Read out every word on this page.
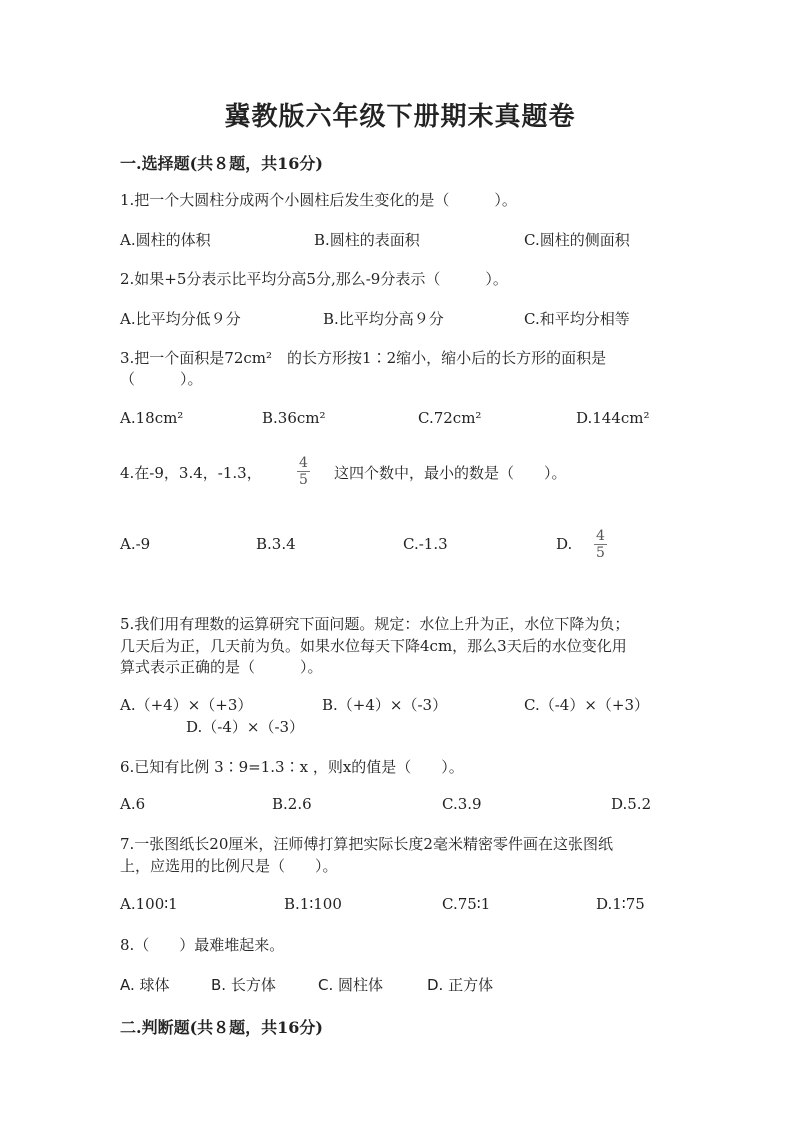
冀教版六年级下册期末真题卷
一.选择题(共８题，共16分)
1.把一个大圆柱分成两个小圆柱后发生变化的是（　　　）。
A.圆柱的体积	B.圆柱的表面积	C.圆柱的侧面积
2.如果+5分表示比平均分高5分,那么-9分表示（　　　）。
A.比平均分低９分	B.比平均分高９分	C.和平均分相等
3.把一个面积是72cm²　的长方形按1∶2缩小，缩小后的长方形的面积是
（　　　）。
A.18cm²	B.36cm²	C.72cm²	D.144cm²
4.在-9，3.4，-1.3，	$\frac{4}{5}$ 这四个数中，最小的数是（　　）。
A.-9	B.3.4	C.-1.3	D. $\frac{4}{5}$
5.我们用有理数的运算研究下面问题。规定：水位上升为正，水位下降为负；
几天后为正，几天前为负。如果水位每天下降4cm，那么3天后的水位变化用
算式表示正确的是（　　　）。
A.（+4）×（+3）	B.（+4）×（-3）	C.（-4）×（+3）
D.（-4）×（-3）
6.已知有比例 3∶9=1.3∶x ，则x的值是（　　）。
A.6	B.2.6	C.3.9	D.5.2
7.一张图纸长20厘米，汪师傅打算把实际长度2毫米精密零件画在这张图纸
上，应选用的比例尺是（　　）。
A.100∶1	B.1∶100	C.75∶1	D.1∶75
8.（　　）最难堆起来。
A. 球体	B. 长方体	C. 圆柱体	D. 正方体
二.判断题(共８题，共16分)
